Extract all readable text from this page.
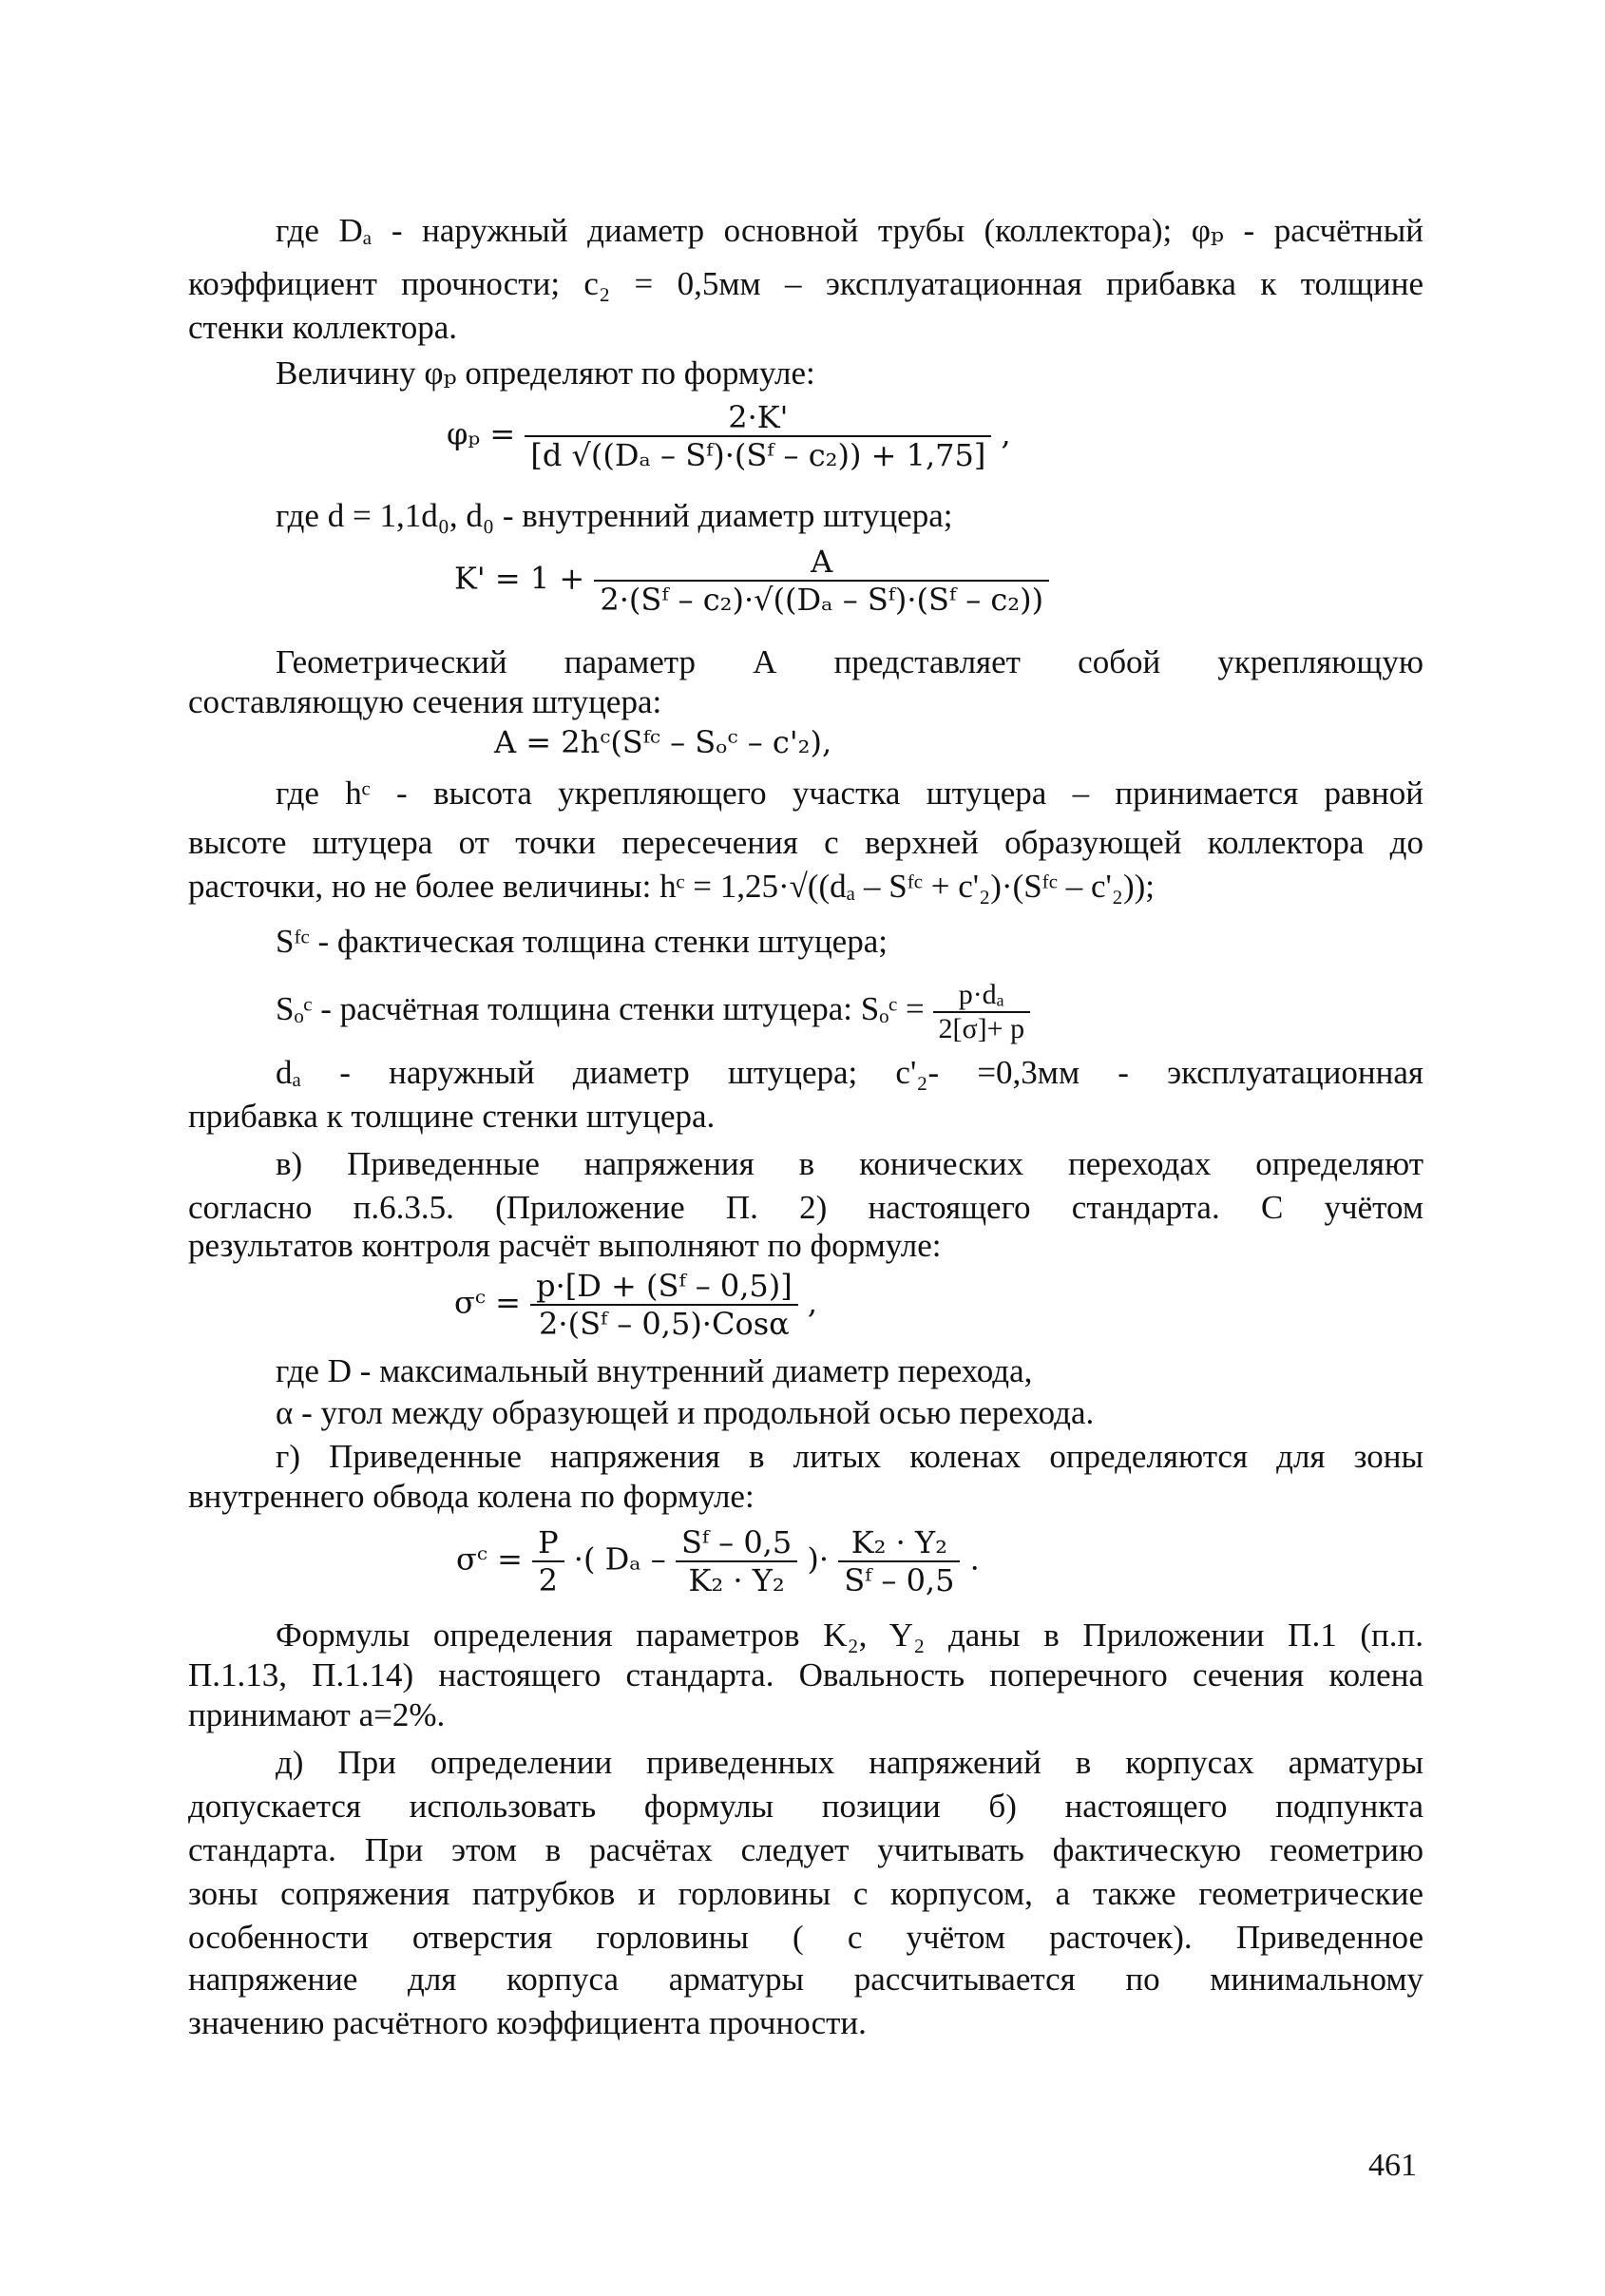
где Dₐ - наружный диаметр основной трубы (коллектора); φₚ - расчётный
коэффициент прочности; c₂ = 0,5мм – эксплуатационная прибавка к толщине
стенки коллектора.
Величину φₚ определяют по формуле:
$\varphi_p = \frac{2\cdot K'}{\text{[d √((Dₐ – Sᶠ)·(Sᶠ – c₂)) + 1,75]}}$ ,
где d = 1,1d₀, d₀ - внутренний диаметр штуцера;
$K' = 1 + \frac{A}{\text{2·(Sᶠ – c₂)·√((Dₐ – Sᶠ)·(Sᶠ – c₂))}}$
Геометрический параметр А представляет собой укрепляющую
составляющую сечения штуцера:
A = 2hᶜ(Sᶠᶜ – Sₒᶜ – c'₂),
где hᶜ - высота укрепляющего участка штуцера – принимается равной
высоте штуцера от точки пересечения с верхней образующей коллектора до
расточки, но не более величины: hᶜ = 1,25·√((dₐ – Sᶠᶜ + c'₂)·(Sᶠᶜ – c'₂));
Sᶠᶜ - фактическая толщина стенки штуцера;
Sₒᶜ - расчётная толщина стенки штуцера: Sₒᶜ = $\frac{\text{p·dₐ}}{2[\sigma]+ p}$
dₐ - наружный диаметр штуцера; c'₂- =0,3мм - эксплуатационная
прибавка к толщине стенки штуцера.
в) Приведенные напряжения в конических переходах определяют
согласно п.6.3.5. (Приложение П. 2) настоящего стандарта. С учётом
результатов контроля расчёт выполняют по формуле:
σᶜ = $\frac{\text{p·[D + (Sᶠ – 0,5)]}}{\text{2·(Sᶠ – 0,5)·Cosα}}$ ,
где D - максимальный внутренний диаметр перехода,
α - угол между образующей и продольной осью перехода.
г) Приведенные напряжения в литых коленах определяются для зоны
внутреннего обвода колена по формуле:
σᶜ = $\frac{P}{2}$ ·( Dₐ – $\frac{\text{Sᶠ – 0,5}}{\text{K₂ · Y₂}}$ )· $\frac{\text{K₂ · Y₂}}{\text{Sᶠ – 0,5}}$ .
Формулы определения параметров K₂, Y₂ даны в Приложении П.1 (п.п.
П.1.13, П.1.14) настоящего стандарта. Овальность поперечного сечения колена
принимают a=2%.
д) При определении приведенных напряжений в корпусах арматуры
допускается использовать формулы позиции б) настоящего подпункта
стандарта. При этом в расчётах следует учитывать фактическую геометрию
зоны сопряжения патрубков и горловины с корпусом, а также геометрические
особенности отверстия горловины ( с учётом расточек). Приведенное
напряжение для корпуса арматуры рассчитывается по минимальному
значению расчётного коэффициента прочности.
461
